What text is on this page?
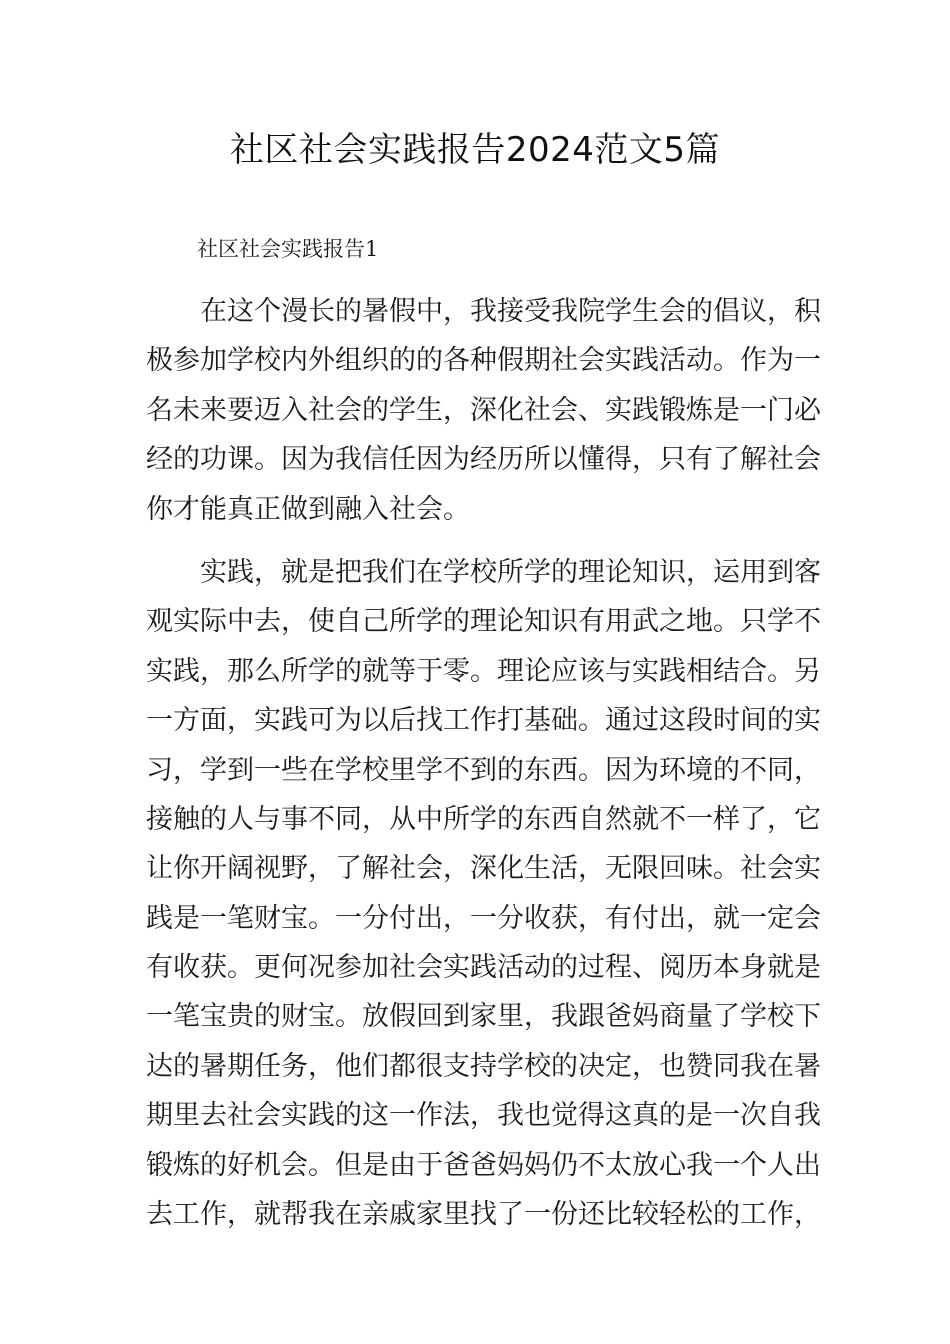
社区社会实践报告2024范文5篇

社区社会实践报告1

在这个漫长的暑假中，我接受我院学生会的倡议，积
极参加学校内外组织的的各种假期社会实践活动。作为一
名未来要迈入社会的学生，深化社会、实践锻炼是一门必
经的功课。因为我信任因为经历所以懂得，只有了解社会
你才能真正做到融入社会。

实践，就是把我们在学校所学的理论知识，运用到客
观实际中去，使自己所学的理论知识有用武之地。只学不
实践，那么所学的就等于零。理论应该与实践相结合。另
一方面，实践可为以后找工作打基础。通过这段时间的实
习，学到一些在学校里学不到的东西。因为环境的不同，
接触的人与事不同，从中所学的东西自然就不一样了，它
让你开阔视野，了解社会，深化生活，无限回味。社会实
践是一笔财宝。一分付出，一分收获，有付出，就一定会
有收获。更何况参加社会实践活动的过程、阅历本身就是
一笔宝贵的财宝。放假回到家里，我跟爸妈商量了学校下
达的暑期任务，他们都很支持学校的决定，也赞同我在暑
期里去社会实践的这一作法，我也觉得这真的是一次自我
锻炼的好机会。但是由于爸爸妈妈仍不太放心我一个人出
去工作，就帮我在亲戚家里找了一份还比较轻松的工作，
